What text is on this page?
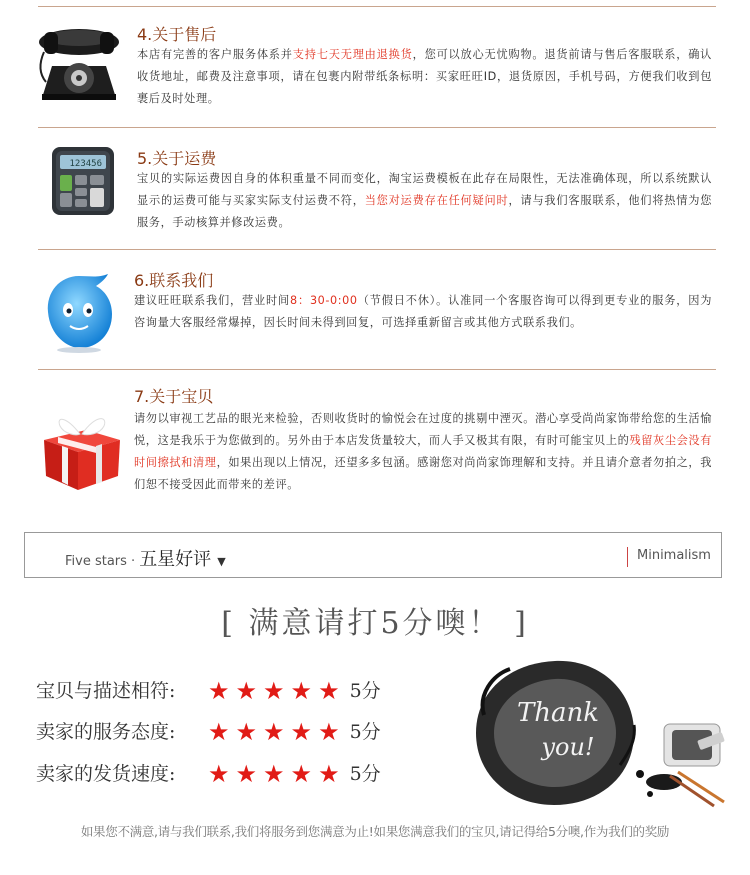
4.关于售后
本店有完善的客户服务体系并支持七天无理由退换货，您可以放心无忧购物。退货前请与售后客服联系，确认收货地址，邮费及注意事项，请在包裹内附带纸条标明：买家旺旺ID，退货原因，手机号码，方便我们收到包裹后及时处理。
123456 5.关于运费
宝贝的实际运费因自身的体积重量不同而变化，淘宝运费模板在此存在局限性，无法准确体现，所以系统默认显示的运费可能与买家实际支付运费不符，当您对运费存在任何疑问时，请与我们客服联系，他们将热情为您服务，手动核算并修改运费。
6.联系我们
建议旺旺联系我们，营业时间8：30-0:00（节假日不休）。认准同一个客服咨询可以得到更专业的服务，因为咨询量大客服经常爆掉，因长时间未得到回复，可选择重新留言或其他方式联系我们。
7.关于宝贝
请勿以审视工艺品的眼光来检验，否则收货时的愉悦会在过度的挑剔中湮灭。潜心享受尚尚家饰带给您的生活愉悦，这是我乐于为您做到的。另外由于本店发货量较大，而人手又极其有限，有时可能宝贝上的残留灰尘会没有时间擦拭和清理，如果出现以上情况，还望多多包涵。感谢您对尚尚家饰理解和支持。并且请介意者勿拍之，我们恕不接受因此而带来的差评。
Five stars · 五星好评 ▼	Minimalism
[ 满意请打5分噢！ ]
宝贝与描述相符: ★★★★★ 5分
卖家的服务态度: ★★★★★ 5分
卖家的发货速度: ★★★★★ 5分
Thank
you!
如果您不满意,请与我们联系,我们将服务到您满意为止!如果您满意我们的宝贝,请记得给5分噢,作为我们的奖励
